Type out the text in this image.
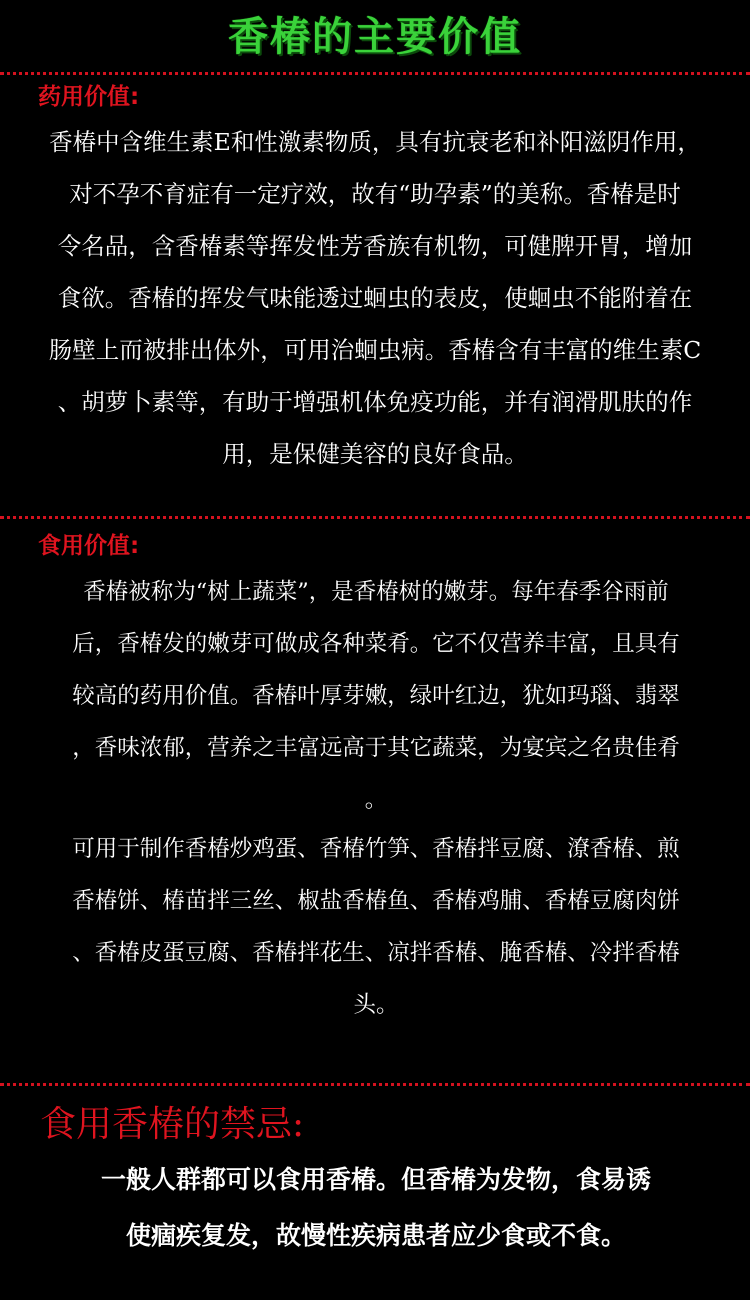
香椿的主要价值
药用价值:
香椿中含维生素E和性激素物质，具有抗衰老和补阳滋阴作用，
对不孕不育症有一定疗效，故有“助孕素”的美称。香椿是时
令名品，含香椿素等挥发性芳香族有机物，可健脾开胃，增加
食欲。香椿的挥发气味能透过蛔虫的表皮，使蛔虫不能附着在
肠壁上而被排出体外，可用治蛔虫病。香椿含有丰富的维生素C
、胡萝卜素等，有助于增强机体免疫功能，并有润滑肌肤的作
用，是保健美容的良好食品。
食用价值:
香椿被称为“树上蔬菜”，是香椿树的嫩芽。每年春季谷雨前
后，香椿发的嫩芽可做成各种菜肴。它不仅营养丰富，且具有
较高的药用价值。香椿叶厚芽嫩，绿叶红边，犹如玛瑙、翡翠
，香味浓郁，营养之丰富远高于其它蔬菜，为宴宾之名贵佳肴
。
可用于制作香椿炒鸡蛋、香椿竹笋、香椿拌豆腐、潦香椿、煎
香椿饼、椿苗拌三丝、椒盐香椿鱼、香椿鸡脯、香椿豆腐肉饼
、香椿皮蛋豆腐、香椿拌花生、凉拌香椿、腌香椿、冷拌香椿
头。
食用香椿的禁忌:
一般人群都可以食用香椿。但香椿为发物，食易诱
使痼疾复发，故慢性疾病患者应少食或不食。
